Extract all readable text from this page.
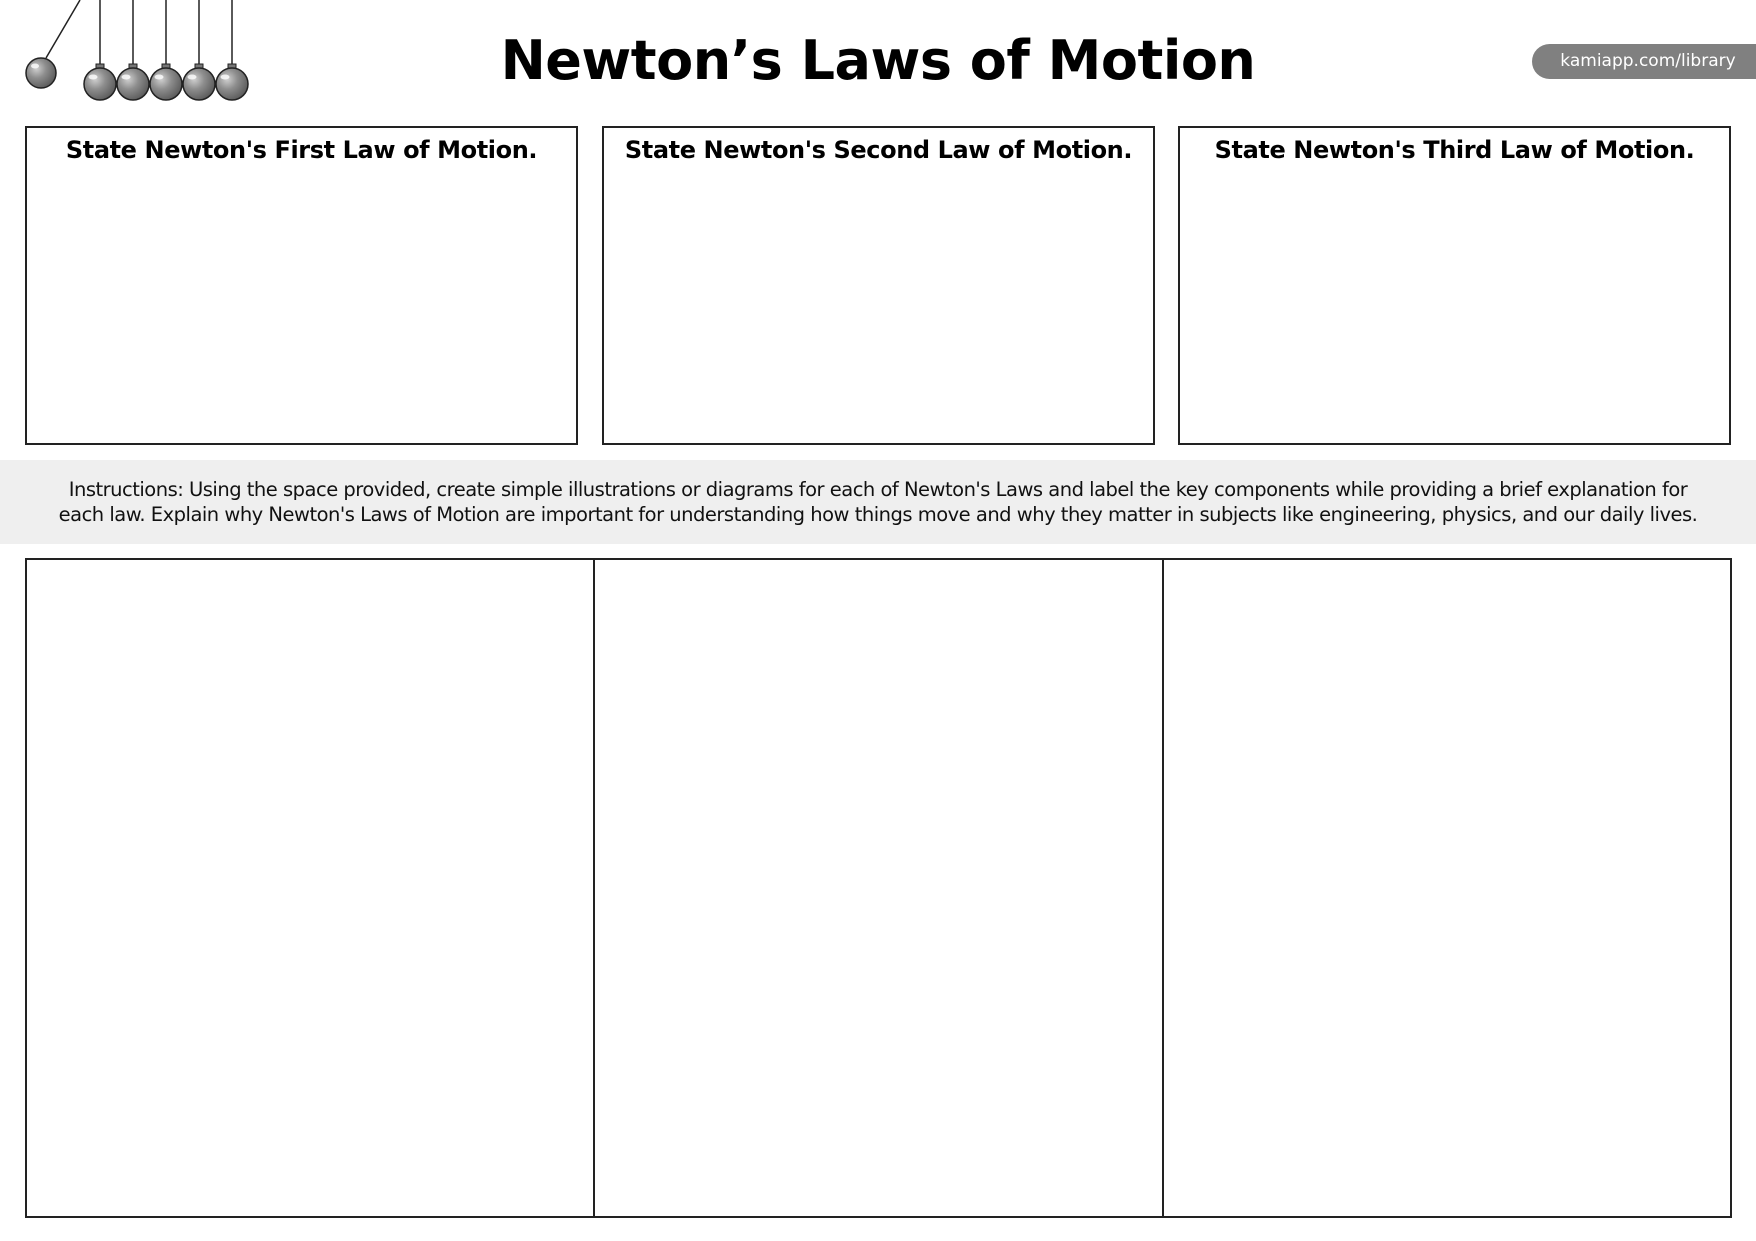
Newton’s Laws of Motion	kamiapp.com/library
State Newton's First Law of Motion.	State Newton's Second Law of Motion.	State Newton's Third Law of Motion.

Instructions: Using the space provided, create simple illustrations or diagrams for each of Newton's Laws and label the key components while providing a brief explanation for each law. Explain why Newton's Laws of Motion are important for understanding how things move and why they matter in subjects like engineering, physics, and our daily lives.
